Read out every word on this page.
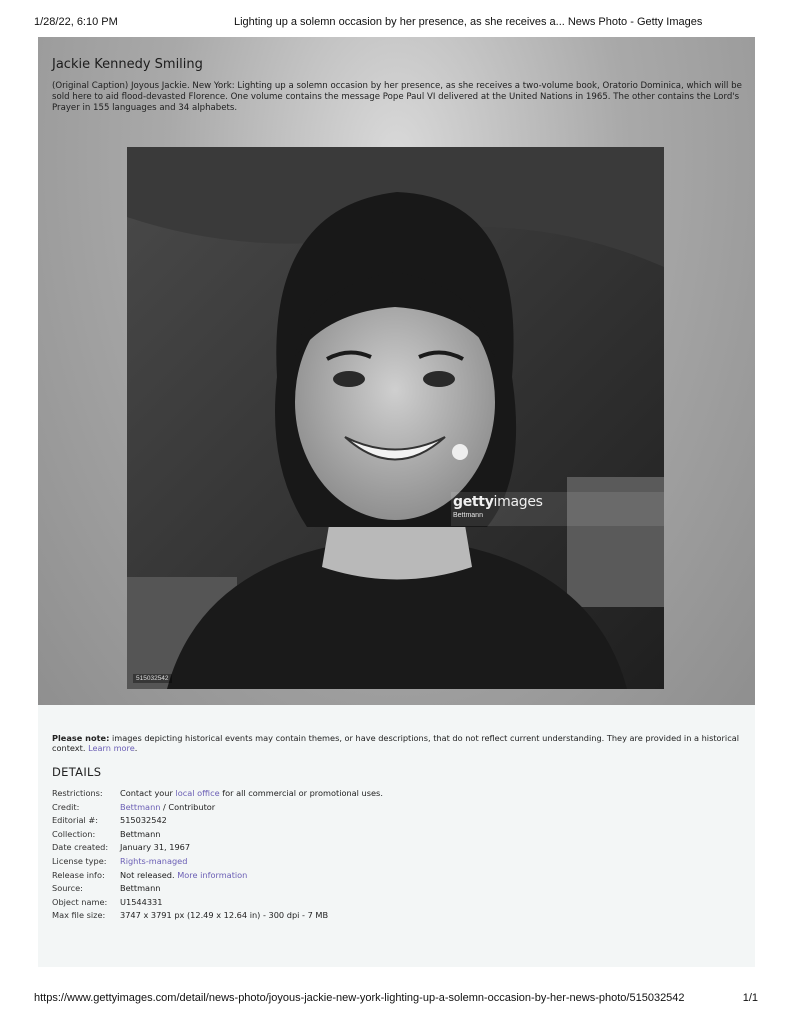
1/28/22, 6:10 PM	Lighting up a solemn occasion by her presence, as she receives a... News Photo - Getty Images
Jackie Kennedy Smiling
(Original Caption) Joyous Jackie. New York: Lighting up a solemn occasion by her presence, as she receives a two-volume book, Oratorio Dominica, which will be sold here to aid flood-devasted Florence. One volume contains the message Pope Paul VI delivered at the United Nations in 1965. The other contains the Lord's Prayer in 155 languages and 34 alphabets.
gettyimages
Bettmann
515032542
Please note: images depicting historical events may contain themes, or have descriptions, that do not reflect current understanding. They are provided in a historical context. Learn more.
DETAILS
Restrictions:	Contact your local office for all commercial or promotional uses.
Credit:	Bettmann / Contributor
Editorial #:	515032542
Collection:	Bettmann
Date created:	January 31, 1967
License type:	Rights-managed
Release info:	Not released. More information
Source:	Bettmann
Object name:	U1544331
Max file size:	3747 x 3791 px (12.49 x 12.64 in) - 300 dpi - 7 MB
https://www.gettyimages.com/detail/news-photo/joyous-jackie-new-york-lighting-up-a-solemn-occasion-by-her-news-photo/515032542	1/1
